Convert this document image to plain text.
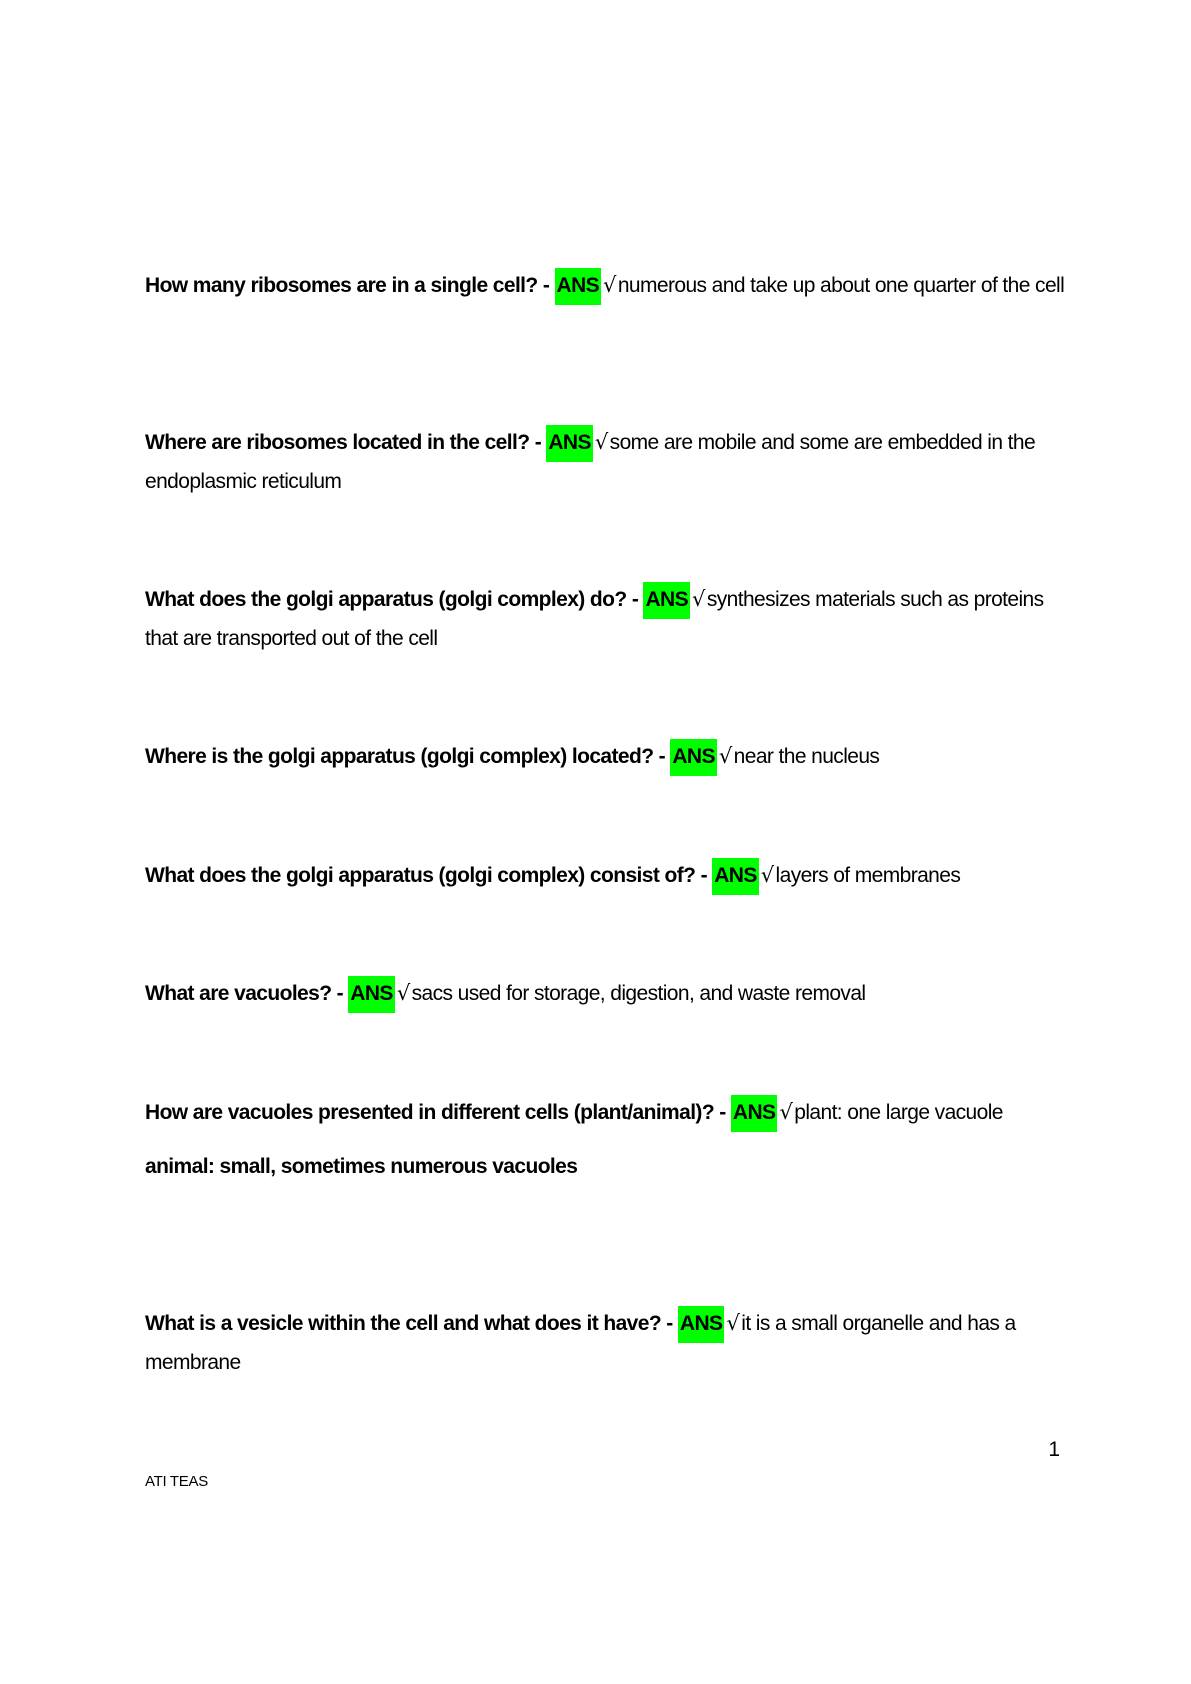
How many ribosomes are in a single cell? - ANS √numerous and take up about one quarter of the cell
Where are ribosomes located in the cell? - ANS √some are mobile and some are embedded in the endoplasmic reticulum
What does the golgi apparatus (golgi complex) do? - ANS √synthesizes materials such as proteins that are transported out of the cell
Where is the golgi apparatus (golgi complex) located? - ANS √near the nucleus
What does the golgi apparatus (golgi complex) consist of? - ANS √layers of membranes
What are vacuoles? - ANS √sacs used for storage, digestion, and waste removal
How are vacuoles presented in different cells (plant/animal)? - ANS √plant: one large vacuole
animal: small, sometimes numerous vacuoles
What is a vesicle within the cell and what does it have? - ANS √it is a small organelle and has a membrane
1
ATI TEAS
